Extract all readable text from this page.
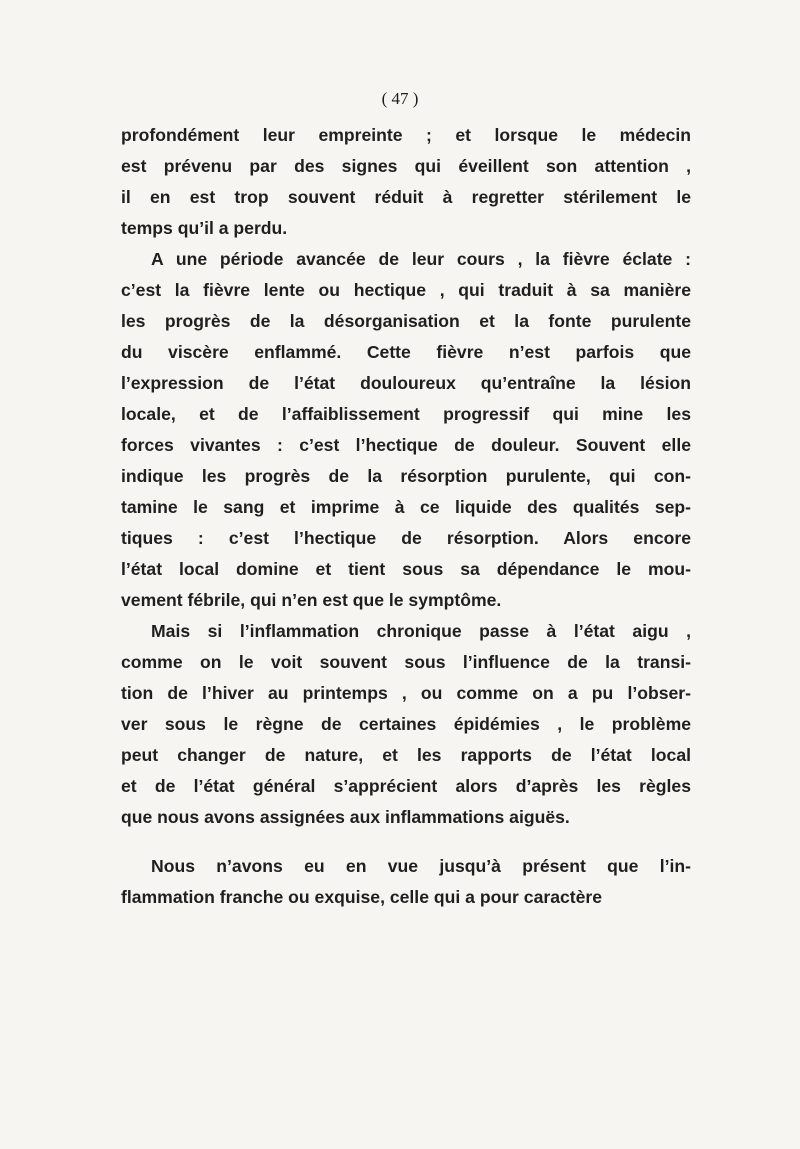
( 47 )
profondément leur empreinte ; et lorsque le médecin
est prévenu par des signes qui éveillent son attention ,
il en est trop souvent réduit à regretter stérilement le
temps qu’il a perdu.
A une période avancée de leur cours , la fièvre éclate :
c’est la fièvre lente ou hectique , qui traduit à sa manière
les progrès de la désorganisation et la fonte purulente
du viscère enflammé. Cette fièvre n’est parfois que
l’expression de l’état douloureux qu’entraîne la lésion
locale, et de l’affaiblissement progressif qui mine les
forces vivantes : c’est l’hectique de douleur. Souvent elle
indique les progrès de la résorption purulente, qui con-
tamine le sang et imprime à ce liquide des qualités sep-
tiques : c’est l’hectique de résorption. Alors encore
l’état local domine et tient sous sa dépendance le mou-
vement fébrile, qui n’en est que le symptôme.
Mais si l’inflammation chronique passe à l’état aigu ,
comme on le voit souvent sous l’influence de la transi-
tion de l’hiver au printemps , ou comme on a pu l’obser-
ver sous le règne de certaines épidémies , le problème
peut changer de nature, et les rapports de l’état local
et de l’état général s’apprécient alors d’après les règles
que nous avons assignées aux inflammations aiguës.
Nous n’avons eu en vue jusqu’à présent que l’in-
flammation franche ou exquise, celle qui a pour caractère
